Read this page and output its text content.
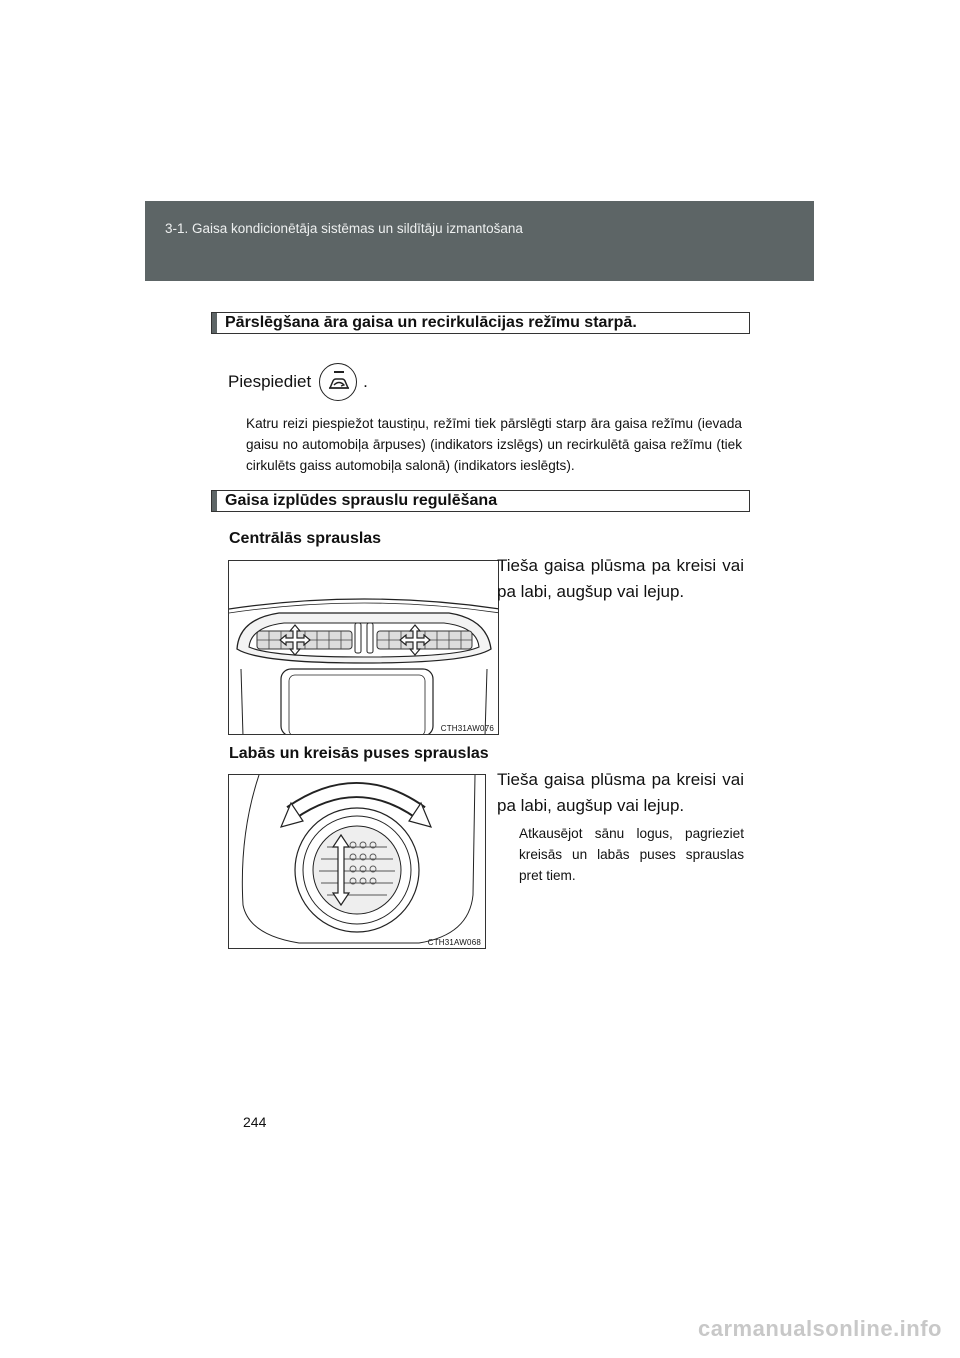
3-1. Gaisa kondicionētāja sistēmas un sildītāju izmantošana
Pārslēgšana āra gaisa un recirkulācijas režīmu starpā.
Piespiediet	.
Katru reizi piespiežot taustiņu, režīmi tiek pārslēgti starp āra gaisa režīmu (ievada gaisu no automobiļa ārpuses) (indikators izslēgs) un recirkulētā gaisa režīmu (tiek cirkulēts gaiss automobiļa salonā) (indikators ieslēgts).
Gaisa izplūdes sprauslu regulēšana
Centrālās sprauslas
CTH31AW076
Tieša gaisa plūsma pa kreisi vai pa labi, augšup vai lejup.
Labās un kreisās puses sprauslas
CTH31AW068
Tieša gaisa plūsma pa kreisi vai pa labi, augšup vai lejup.
Atkausējot sānu logus, pagrieziet kreisās un labās puses sprauslas pret tiem.
244
carmanualsonline.info
